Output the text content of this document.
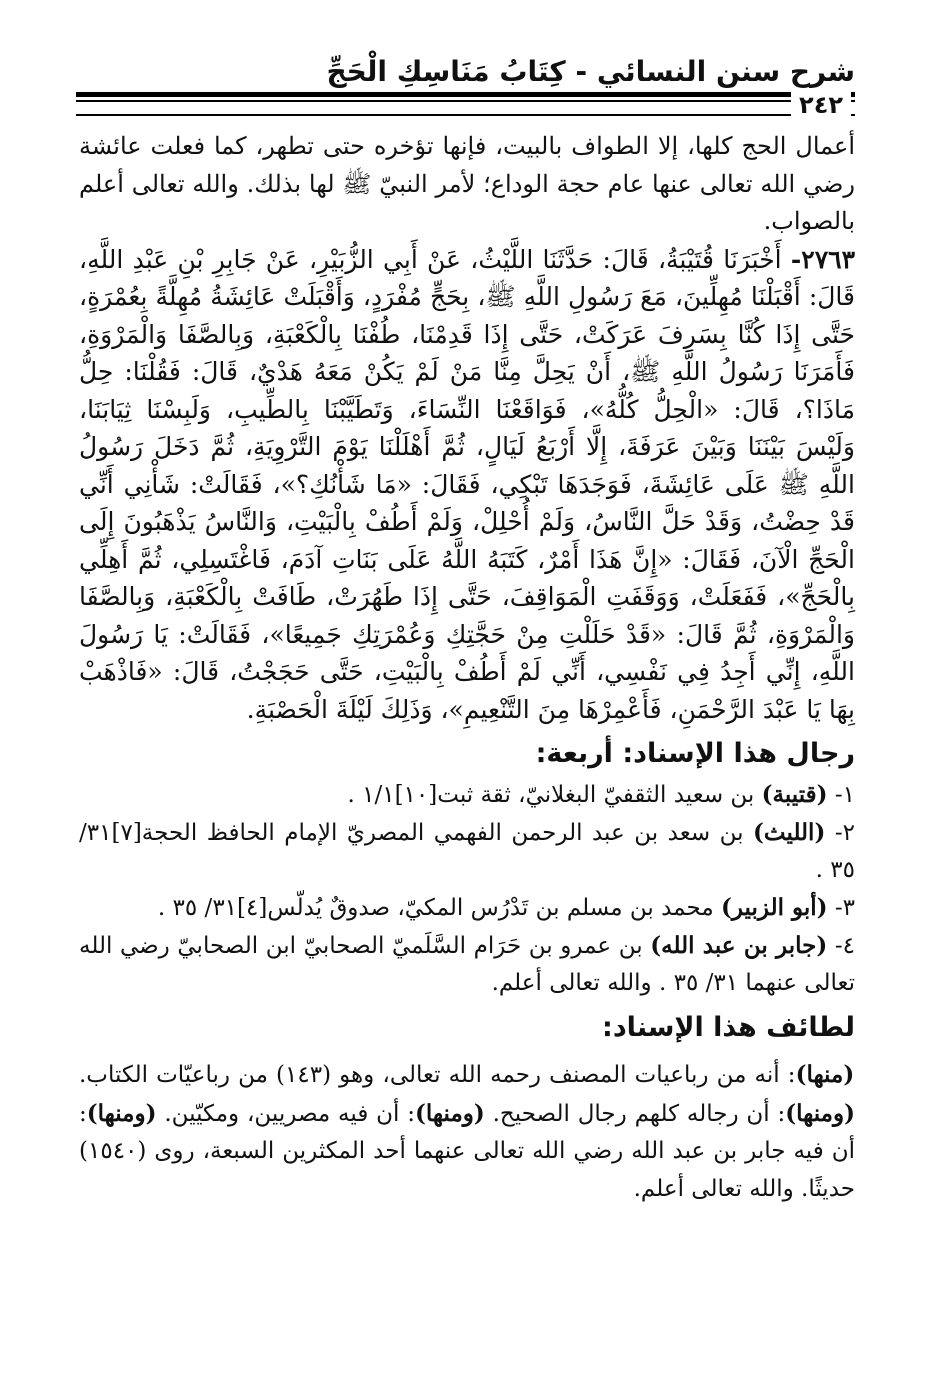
شرح سنن النسائي - كِتَابُ مَنَاسِكِ الْحَجِّ
٢٤٢

أعمال الحج كلها، إلا الطواف بالبيت، فإنها تؤخره حتى تطهر، كما فعلت عائشة رضي الله تعالى عنها عام حجة الوداع؛ لأمر النبيّ ﷺ لها بذلك. والله تعالى أعلم بالصواب.

٢٧٦٣- أَخْبَرَنَا قُتَيْبَةُ، قَالَ: حَدَّثَنَا اللَّيْثُ، عَنْ أَبِي الزُّبَيْرِ، عَنْ جَابِرِ بْنِ عَبْدِ اللَّهِ، قَالَ: أَقْبَلْنَا مُهِلِّينَ، مَعَ رَسُولِ اللَّهِ ﷺ، بِحَجٍّ مُفْرَدٍ، وَأَقْبَلَتْ عَائِشَةُ مُهِلَّةً بِعُمْرَةٍ، حَتَّى إِذَا كُنَّا بِسَرِفَ عَرَكَتْ، حَتَّى إِذَا قَدِمْنَا، طُفْنَا بِالْكَعْبَةِ، وَبِالصَّفَا وَالْمَرْوَةِ، فَأَمَرَنَا رَسُولُ اللَّهِ ﷺ، أَنْ يَحِلَّ مِنَّا مَنْ لَمْ يَكُنْ مَعَهُ هَدْيٌ، قَالَ: فَقُلْنَا: حِلُّ مَاذَا؟، قَالَ: «الْحِلُّ كُلُّهُ»، فَوَاقَعْنَا النِّسَاءَ، وَتَطَيَّبْنَا بِالطِّيبِ، وَلَبِسْنَا ثِيَابَنَا، وَلَيْسَ بَيْنَنَا وَبَيْنَ عَرَفَةَ، إِلَّا أَرْبَعُ لَيَالٍ، ثُمَّ أَهْلَلْنَا يَوْمَ التَّرْوِيَةِ، ثُمَّ دَخَلَ رَسُولُ اللَّهِ ﷺ عَلَى عَائِشَةَ، فَوَجَدَهَا تَبْكِي، فَقَالَ: «مَا شَأْنُكِ؟»، فَقَالَتْ: شَأْنِي أَنِّي قَدْ حِضْتُ، وَقَدْ حَلَّ النَّاسُ، وَلَمْ أُحْلِلْ، وَلَمْ أَطُفْ بِالْبَيْتِ، وَالنَّاسُ يَذْهَبُونَ إِلَى الْحَجِّ الْآنَ، فَقَالَ: «إِنَّ هَذَا أَمْرٌ، كَتَبَهُ اللَّهُ عَلَى بَنَاتِ آدَمَ، فَاغْتَسِلِي، ثُمَّ أَهِلِّي بِالْحَجِّ»، فَفَعَلَتْ، وَوَقَفَتِ الْمَوَاقِفَ، حَتَّى إِذَا طَهُرَتْ، طَافَتْ بِالْكَعْبَةِ، وَبِالصَّفَا وَالْمَرْوَةِ، ثُمَّ قَالَ: «قَدْ حَلَلْتِ مِنْ حَجَّتِكِ وَعُمْرَتِكِ جَمِيعًا»، فَقَالَتْ: يَا رَسُولَ اللَّهِ، إِنِّي أَجِدُ فِي نَفْسِي، أَنِّي لَمْ أَطُفْ بِالْبَيْتِ، حَتَّى حَجَجْتُ، قَالَ: «فَاذْهَبْ بِهَا يَا عَبْدَ الرَّحْمَنِ، فَأَعْمِرْهَا مِنَ التَّنْعِيمِ»، وَذَلِكَ لَيْلَةَ الْحَصْبَةِ.

رجال هذا الإسناد: أربعة:
١- (قتيبة) بن سعيد الثقفيّ البغلانيّ، ثقة ثبت[١٠]١/١ .
٢- (الليث) بن سعد بن عبد الرحمن الفهمي المصريّ الإمام الحافظ الحجة[٧]٣١/ ٣٥ .
٣- (أبو الزبير) محمد بن مسلم بن تَدْرُس المكيّ، صدوقٌ يُدلّس[٤]٣١/ ٣٥ .
٤- (جابر بن عبد الله) بن عمرو بن حَرَام السَّلَميّ الصحابيّ ابن الصحابيّ رضي الله تعالى عنهما ٣١/ ٣٥ . والله تعالى أعلم.
لطائف هذا الإسناد:

(منها): أنه من رباعيات المصنف رحمه الله تعالى، وهو (١٤٣) من رباعيّات الكتاب. (ومنها): أن رجاله كلهم رجال الصحيح. (ومنها): أن فيه مصريين، ومكيّين. (ومنها): أن فيه جابر بن عبد الله رضي الله تعالى عنهما أحد المكثرين السبعة، روى (١٥٤٠) حديثًا. والله تعالى أعلم.
